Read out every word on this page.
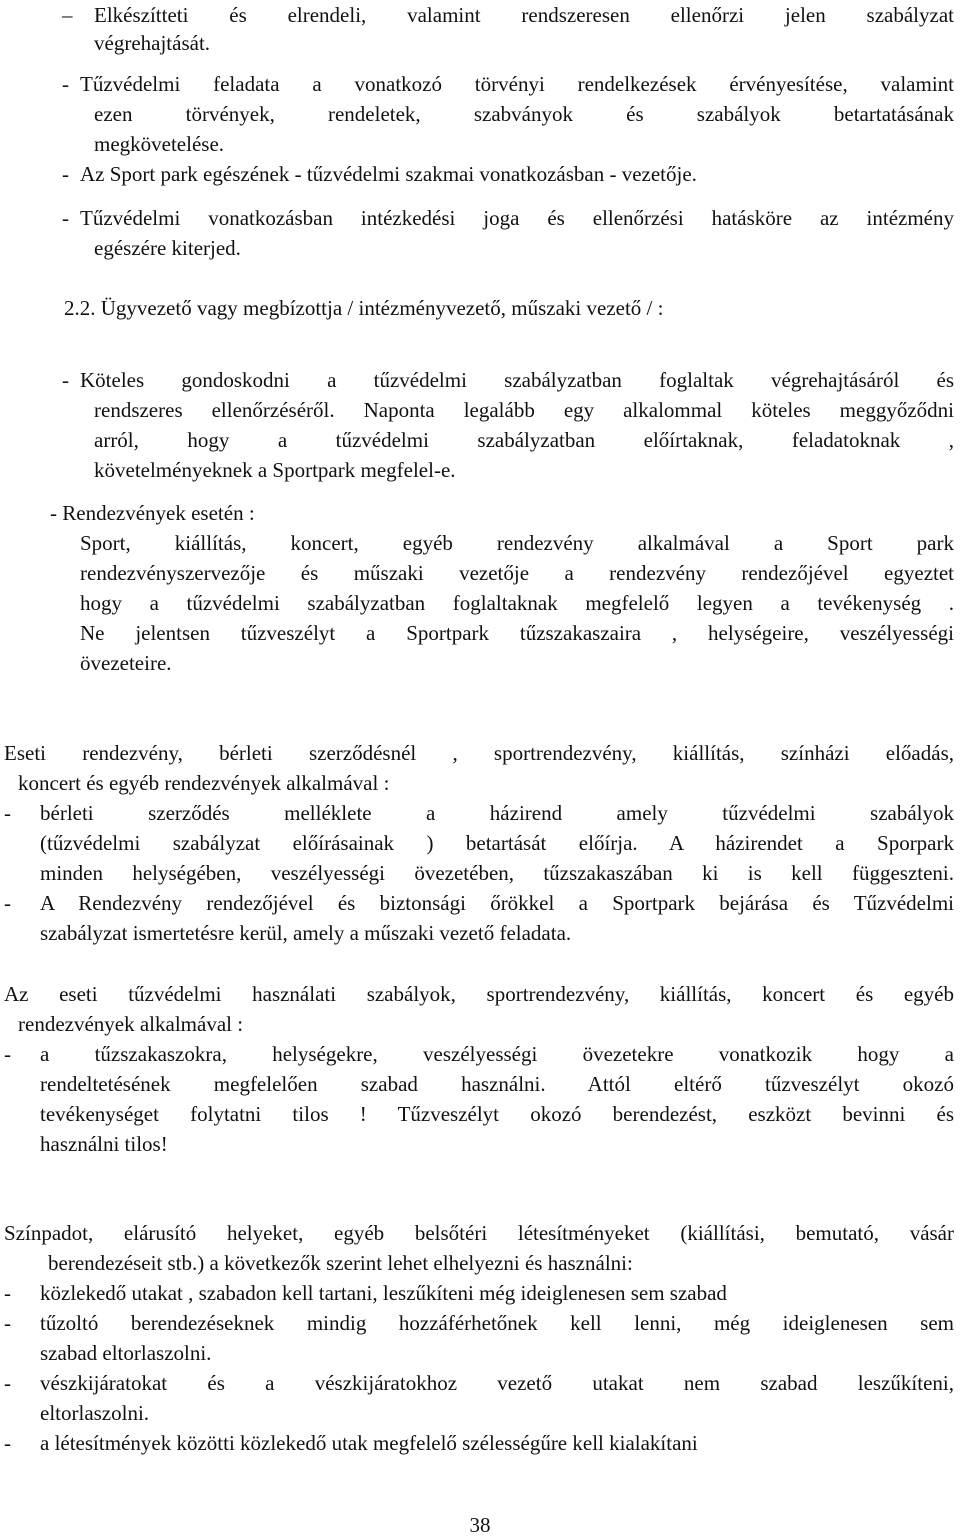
– Elkészítteti és elrendeli, valamint rendszeresen ellenőrzi jelen szabályzat
végrehajtását.
- Tűzvédelmi feladata a vonatkozó törvényi rendelkezések érvényesítése, valamint
ezen törvények, rendeletek, szabványok és szabályok betartatásának
megkövetelése.
- Az Sport park egészének - tűzvédelmi szakmai vonatkozásban - vezetője.
- Tűzvédelmi vonatkozásban intézkedési joga és ellenőrzési hatásköre az intézmény
egészére kiterjed.
2.2. Ügyvezető vagy megbízottja / intézményvezető, műszaki vezető / :
- Köteles gondoskodni a tűzvédelmi szabályzatban foglaltak végrehajtásáról és
rendszeres ellenőrzéséről. Naponta legalább egy alkalommal köteles meggyőződni
arról, hogy a tűzvédelmi szabályzatban előírtaknak, feladatoknak ,
követelményeknek a Sportpark megfelel-e.
- Rendezvények esetén :
Sport, kiállítás, koncert, egyéb rendezvény alkalmával a Sport park
rendezvényszervezője és műszaki vezetője a rendezvény rendezőjével egyeztet
hogy a tűzvédelmi szabályzatban foglaltaknak megfelelő legyen a tevékenység .
Ne jelentsen tűzveszélyt a Sportpark tűzszakaszaira , helységeire, veszélyességi
övezeteire.
Eseti rendezvény, bérleti szerződésnél , sportrendezvény, kiállítás, színházi előadás,
koncert és egyéb rendezvények alkalmával :
- bérleti szerződés melléklete a házirend amely tűzvédelmi szabályok
(tűzvédelmi szabályzat előírásainak ) betartását előírja. A házirendet a Sporpark
minden helységében, veszélyességi övezetében, tűzszakaszában ki is kell függeszteni.
- A Rendezvény rendezőjével és biztonsági őrökkel a Sportpark bejárása és Tűzvédelmi
szabályzat ismertetésre kerül, amely a műszaki vezető feladata.
Az eseti tűzvédelmi használati szabályok, sportrendezvény, kiállítás, koncert és egyéb
rendezvények alkalmával :
- a tűzszakaszokra, helységekre, veszélyességi övezetekre vonatkozik hogy a
rendeltetésének megfelelően szabad használni. Attól eltérő tűzveszélyt okozó
tevékenységet folytatni tilos ! Tűzveszélyt okozó berendezést, eszközt bevinni és
használni tilos!
Színpadot, elárusító helyeket, egyéb belsőtéri létesítményeket (kiállítási, bemutató, vásár
berendezéseit stb.) a következők szerint lehet elhelyezni és használni:
- közlekedő utakat , szabadon kell tartani, leszűkíteni még ideiglenesen sem szabad
- tűzoltó berendezéseknek mindig hozzáférhetőnek kell lenni, még ideiglenesen sem
szabad eltorlaszolni.
- vészkijáratokat és a vészkijáratokhoz vezető utakat nem szabad leszűkíteni,
eltorlaszolni.
- a létesítmények közötti közlekedő utak megfelelő szélességűre kell kialakítani
38
